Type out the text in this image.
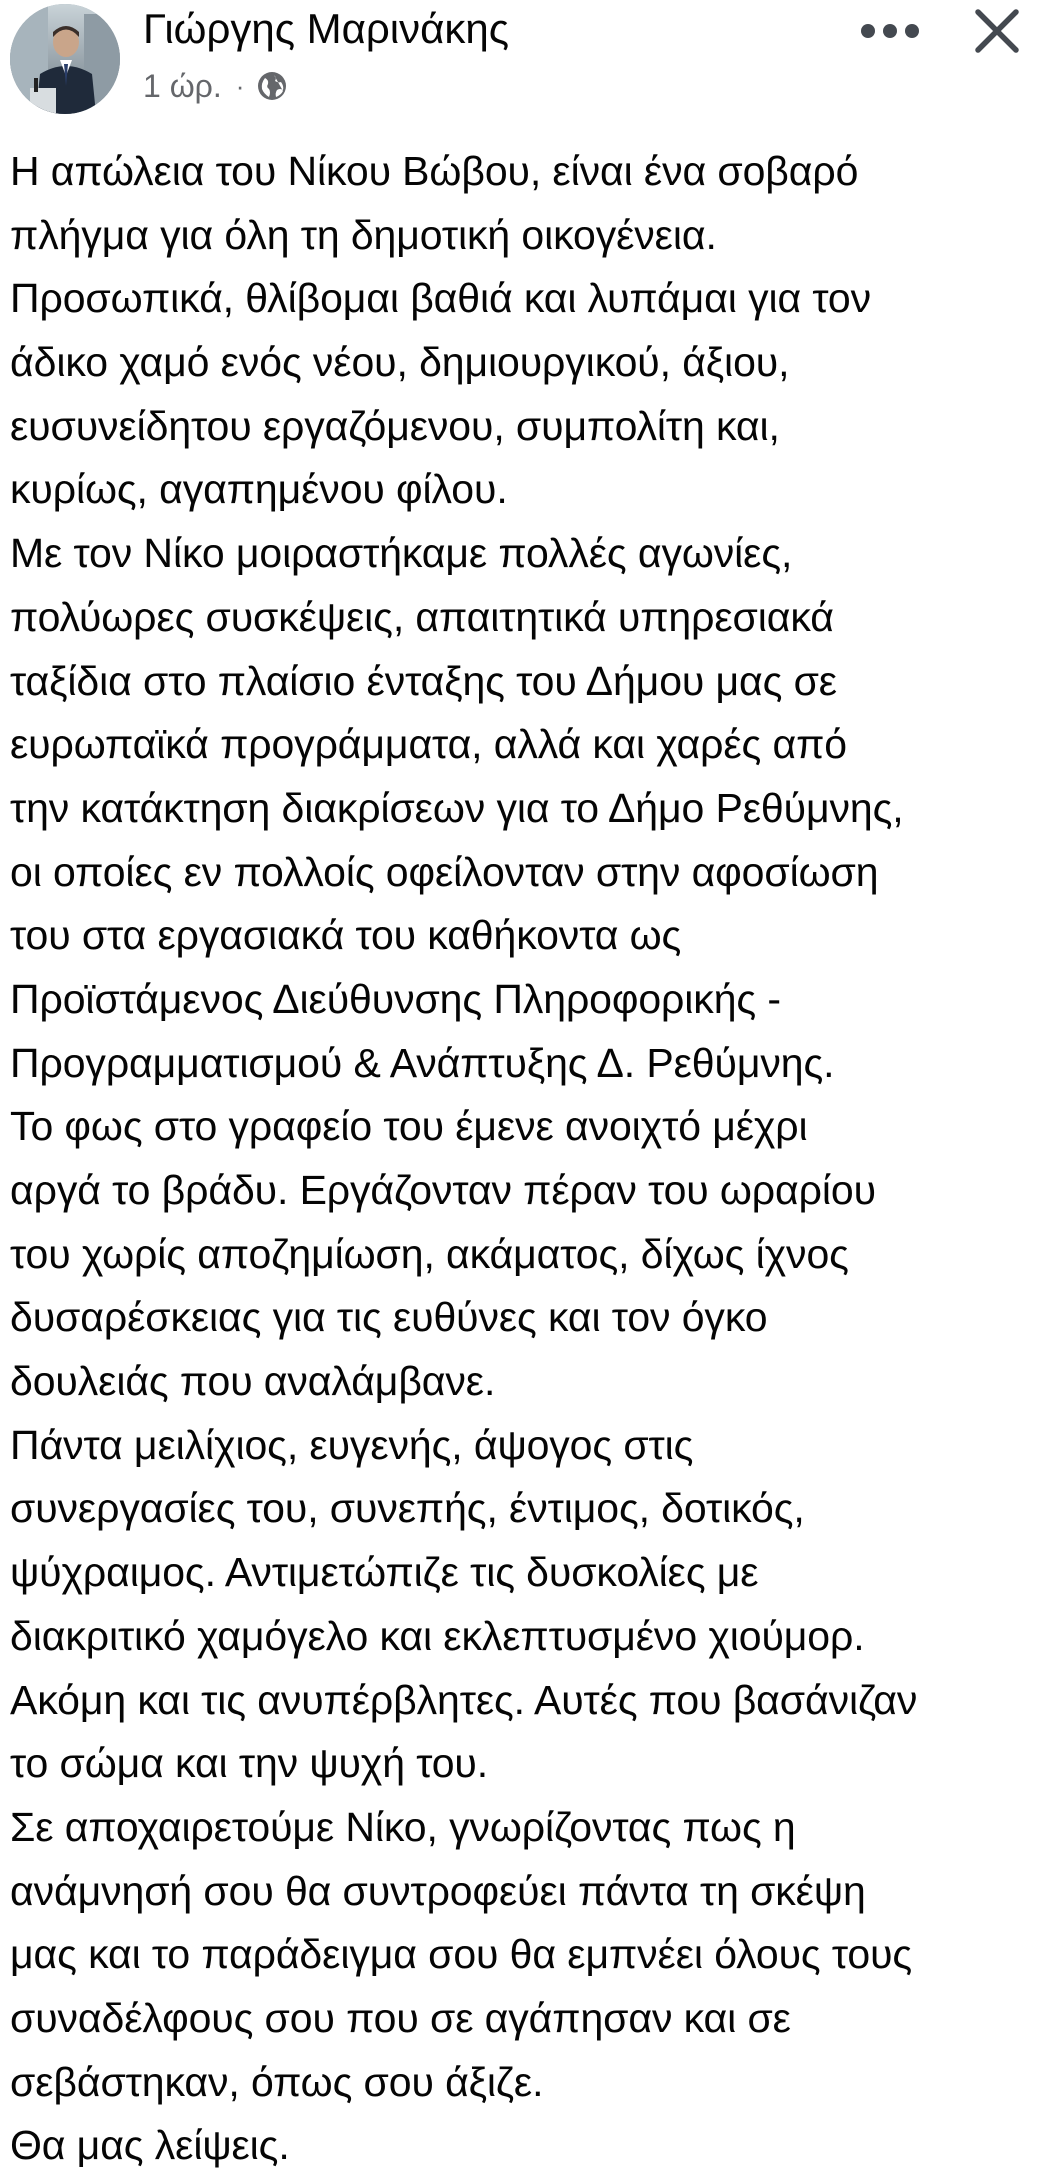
Γιώργης Μαρινάκης
1 ώρ. ·
Η απώλεια του Νίκου Βώβου, είναι ένα σοβαρό
πλήγμα για όλη τη δημοτική οικογένεια.
Προσωπικά, θλίβομαι βαθιά και λυπάμαι για τον
άδικο χαμό ενός νέου, δημιουργικού, άξιου,
ευσυνείδητου εργαζόμενου, συμπολίτη και,
κυρίως, αγαπημένου φίλου.
Με τον Νίκο μοιραστήκαμε πολλές αγωνίες,
πολύωρες συσκέψεις, απαιτητικά υπηρεσιακά
ταξίδια στο πλαίσιο ένταξης του Δήμου μας σε
ευρωπαϊκά προγράμματα, αλλά και χαρές από
την κατάκτηση διακρίσεων για το Δήμο Ρεθύμνης,
οι οποίες εν πολλοίς οφείλονταν στην αφοσίωση
του στα εργασιακά του καθήκοντα ως
Προϊστάμενος Διεύθυνσης Πληροφορικής -
Προγραμματισμού & Ανάπτυξης Δ. Ρεθύμνης.
Το φως στο γραφείο του έμενε ανοιχτό μέχρι
αργά το βράδυ. Εργάζονταν πέραν του ωραρίου
του χωρίς αποζημίωση, ακάματος, δίχως ίχνος
δυσαρέσκειας για τις ευθύνες και τον όγκο
δουλειάς που αναλάμβανε.
Πάντα μειλίχιος, ευγενής, άψογος στις
συνεργασίες του, συνεπής, έντιμος, δοτικός,
ψύχραιμος. Αντιμετώπιζε τις δυσκολίες με
διακριτικό χαμόγελο και εκλεπτυσμένο χιούμορ.
Ακόμη και τις ανυπέρβλητες. Αυτές που βασάνιζαν
το σώμα και την ψυχή του.
Σε αποχαιρετούμε Νίκο, γνωρίζοντας πως η
ανάμνησή σου θα συντροφεύει πάντα τη σκέψη
μας και το παράδειγμα σου θα εμπνέει όλους τους
συναδέλφους σου που σε αγάπησαν και σε
σεβάστηκαν, όπως σου άξιζε.
Θα μας λείψεις.
